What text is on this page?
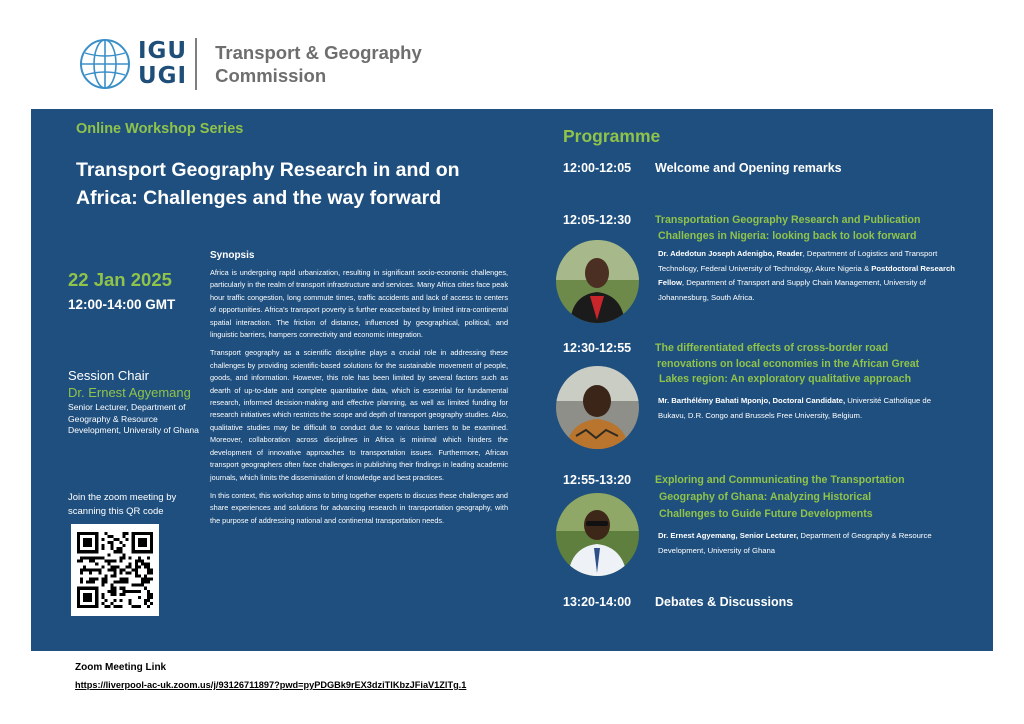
IGU
UGI
Transport & Geography
Commission
Online Workshop Series
Transport Geography Research in and on Africa: Challenges and the way forward
22 Jan 2025
12:00-14:00 GMT
Session Chair
Dr. Ernest Agyemang
Senior Lecturer, Department of Geography & Resource Development, University of Ghana
Join the zoom meeting by scanning this QR code
Synopsis

Africa is undergoing rapid urbanization, resulting in significant socio-economic challenges, particularly in the realm of transport infrastructure and services. Many Africa cities face peak hour traffic congestion, long commute times, traffic accidents and lack of access to centers of opportunities. Africa's transport poverty is further exacerbated by limited intra-continental spatial interaction. The friction of distance, influenced by geographical, political, and linguistic barriers, hampers connectivity and economic integration.

Transport geography as a scientific discipline plays a crucial role in addressing these challenges by providing scientific-based solutions for the sustainable movement of people, goods, and information. However, this role has been limited by several factors such as dearth of up-to-date and complete quantitative data, which is essential for fundamental research, informed decision-making and effective planning, as well as limited funding for research initiatives which restricts the scope and depth of transport geography studies. Also, qualitative studies may be difficult to conduct due to various barriers to be examined. Moreover, collaboration across disciplines in Africa is minimal which hinders the development of innovative approaches to transportation issues. Furthermore, African transport geographers often face challenges in publishing their findings in leading academic journals, which limits the dissemination of knowledge and best practices.

In this context, this workshop aims to bring together experts to discuss these challenges and share experiences and solutions for advancing research in transportation geography, with the purpose of addressing national and continental transportation needs.

Programme
12:00-12:05 Welcome and Opening remarks
12:05-12:30 Transportation Geography Research and Publication
Challenges in Nigeria: looking back to look forward
Dr. Adedotun Joseph Adenigbo, Reader, Department of Logistics and Transport Technology, Federal University of Technology, Akure Nigeria & Postdoctoral Research Fellow, Department of Transport and Supply Chain Management, University of Johannesburg, South Africa.
12:30-12:55 The differentiated effects of cross-border road
renovations on local economies in the African Great
Lakes region: An exploratory qualitative approach
Mr. Barthélémy Bahati Mponjo, Doctoral Candidate, Université Catholique de Bukavu, D.R. Congo and Brussels Free University, Belgium.
12:55-13:20 Exploring and Communicating the Transportation
Geography of Ghana: Analyzing Historical
Challenges to Guide Future Developments
Dr. Ernest Agyemang, Senior Lecturer, Department of Geography & Resource Development, University of Ghana
13:20-14:00 Debates & Discussions
Zoom Meeting Link
https://liverpool-ac-uk.zoom.us/j/93126711897?pwd=pyPDGBk9rEX3dziTlKbzJFiaV1ZlTg.1
